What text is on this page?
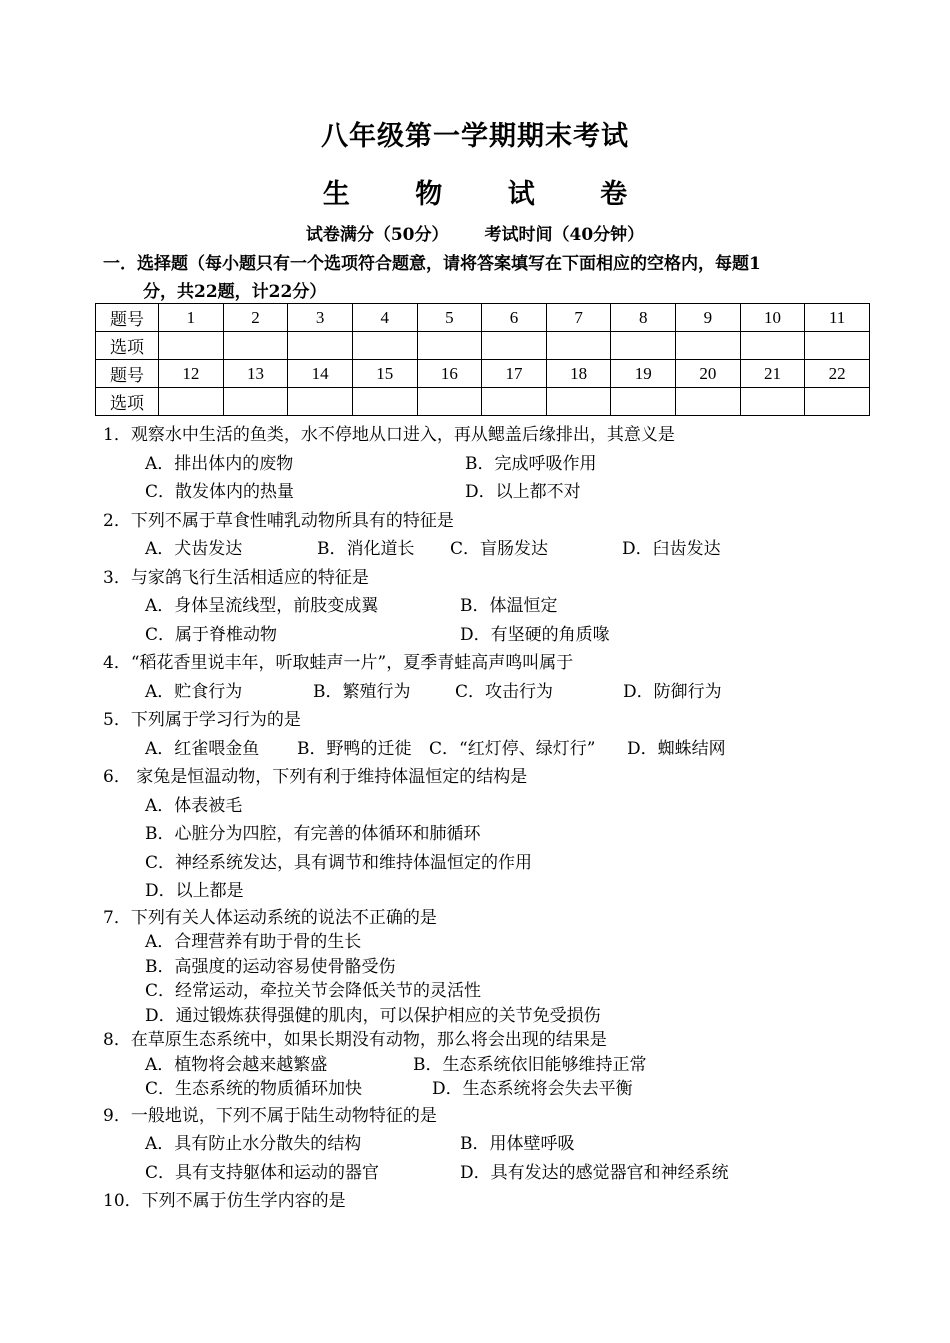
八年级第一学期期末考试
生 物 试 卷
试卷满分（50分） 考试时间（40分钟）
一．选择题（每小题只有一个选项符合题意，请将答案填写在下面相应的空格内，每题1
分，共22题，计22分）
题号	1	2	3	4	5	6	7	8	9	10	11
选项											
题号	12	13	14	15	16	17	18	19	20	21	22
选项											
1．观察水中生活的鱼类，水不停地从口进入，再从鳃盖后缘排出，其意义是
A．排出体内的废物	B．完成呼吸作用
C．散发体内的热量	D．以上都不对
2．下列不属于草食性哺乳动物所具有的特征是
A．犬齿发达	B．消化道长 C．盲肠发达	D．臼齿发达
3．与家鸽飞行生活相适应的特征是
A．身体呈流线型，前肢变成翼	B．体温恒定
C．属于脊椎动物	D．有坚硬的角质喙
4．“稻花香里说丰年，听取蛙声一片”，夏季青蛙高声鸣叫属于
A．贮食行为	B．繁殖行为	C．攻击行为	D．防御行为
5．下列属于学习行为的是
A．红雀喂金鱼 B．野鸭的迁徙 C．“红灯停、绿灯行” D．蜘蛛结网
6． 家兔是恒温动物，下列有利于维持体温恒定的结构是
A．体表被毛
B．心脏分为四腔，有完善的体循环和肺循环
C．神经系统发达，具有调节和维持体温恒定的作用
D．以上都是
7．下列有关人体运动系统的说法不正确的是
A．合理营养有助于骨的生长
B．高强度的运动容易使骨骼受伤
C．经常运动，牵拉关节会降低关节的灵活性
D．通过锻炼获得强健的肌肉，可以保护相应的关节免受损伤
8．在草原生态系统中，如果长期没有动物，那么将会出现的结果是
A．植物将会越来越繁盛	B．生态系统依旧能够维持正常
C．生态系统的物质循环加快	D．生态系统将会失去平衡
9．一般地说，下列不属于陆生动物特征的是
A．具有防止水分散失的结构	B．用体壁呼吸
C．具有支持躯体和运动的器官	D．具有发达的感觉器官和神经系统
10．下列不属于仿生学内容的是
